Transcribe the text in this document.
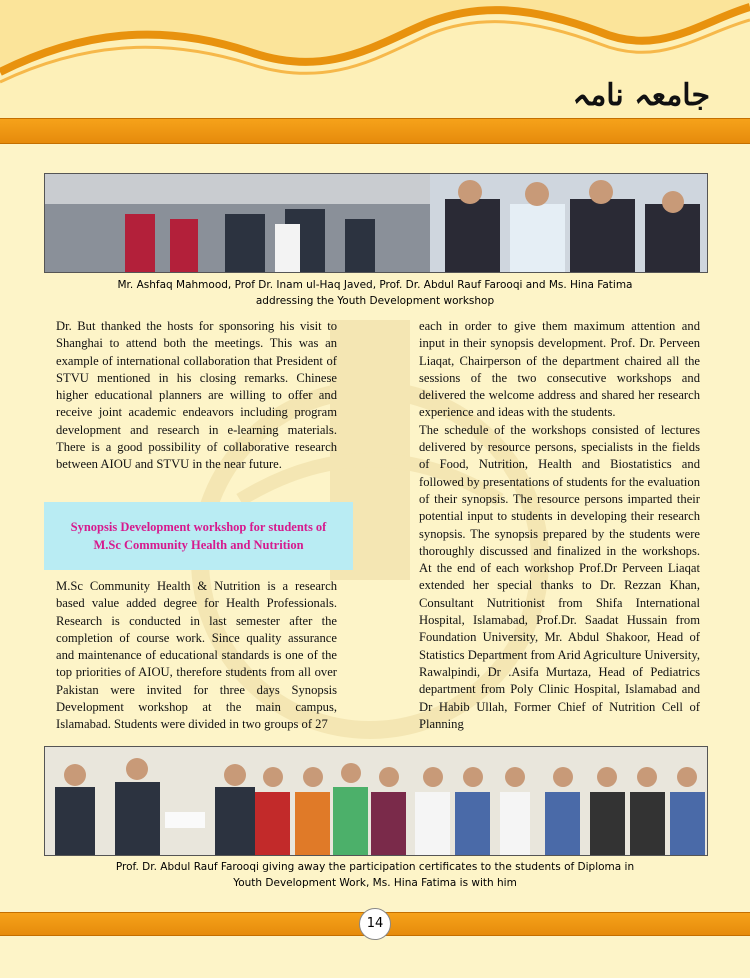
جامعہ نامہ
Mr. Ashfaq Mahmood, Prof Dr. Inam ul-Haq Javed, Prof. Dr. Abdul Rauf Farooqi and Ms. Hina Fatima
addressing the Youth Development workshop

Dr. But thanked the hosts for sponsoring his visit to Shanghai to attend both the meetings. This was an example of international collaboration that President of STVU mentioned in his closing remarks. Chinese higher educational planners are willing to offer and receive joint academic endeavors including program development and research in e-learning materials. There is a good possibility of collaborative research between AIOU and STVU in the near future.

Synopsis Development workshop for students of
M.Sc Community Health and Nutrition

M.Sc Community Health & Nutrition is a research based value added degree for Health Professionals. Research is conducted in last semester after the completion of course work. Since quality assurance and maintenance of educational standards is one of the top priorities of AIOU, therefore students from all over Pakistan were invited for three days Synopsis Development workshop at the main campus, Islamabad. Students were divided in two groups of 27

each in order to give them maximum attention and input in their synopsis development. Prof. Dr. Perveen Liaqat, Chairperson of the department chaired all the sessions of the two consecutive workshops and delivered the welcome address and shared her research experience and ideas with the students.

The schedule of the workshops consisted of lectures delivered by resource persons, specialists in the fields of Food, Nutrition, Health and Biostatistics and followed by presentations of students for the evaluation of their synopsis. The resource persons imparted their potential input to students in developing their research synopsis. The synopsis prepared by the students were thoroughly discussed and finalized in the workshops. At the end of each workshop Prof.Dr Perveen Liaqat extended her special thanks to Dr. Rezzan Khan, Consultant Nutritionist from Shifa International Hospital, Islamabad, Prof.Dr. Saadat Hussain from Foundation University, Mr. Abdul Shakoor, Head of Statistics Department from Arid Agriculture University, Rawalpindi, Dr .Asifa Murtaza, Head of Pediatrics department from Poly Clinic Hospital, Islamabad and Dr Habib Ullah, Former Chief of Nutrition Cell of Planning

Prof. Dr. Abdul Rauf Farooqi giving away the participation certificates to the students of Diploma in
Youth Development Work, Ms. Hina Fatima is with him
14
